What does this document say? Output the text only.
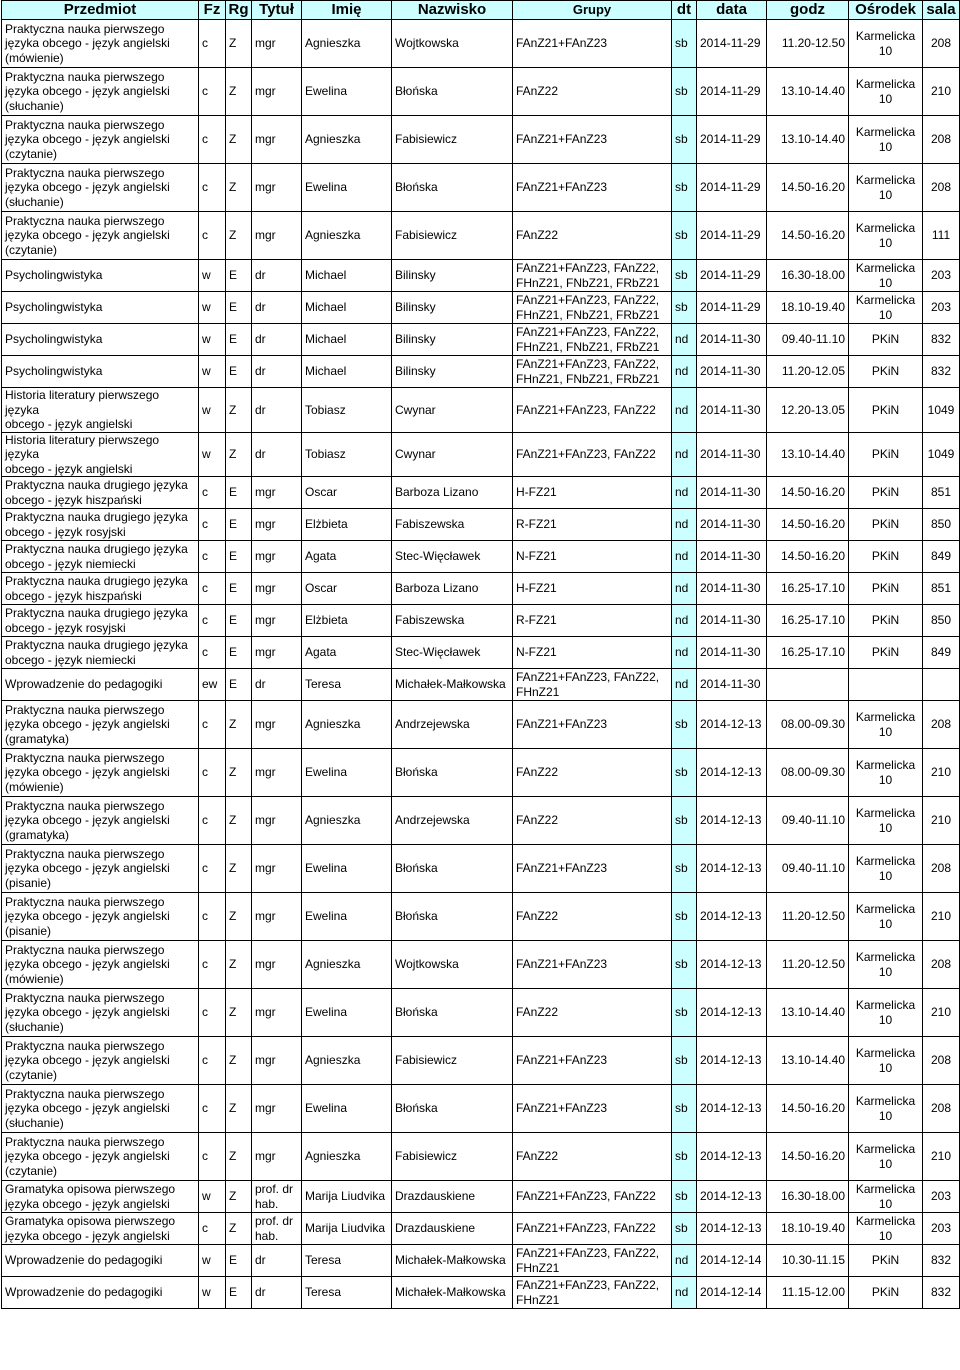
Przedmiot	Fz	Rg	Tytuł	Imię	Nazwisko	Grupy	dt	data	godz	Ośrodek	sala
Praktyczna nauka pierwszego
języka obcego - język angielski
(mówienie)	c	Z	mgr	Agnieszka	Wojtkowska	FAnZ21+FAnZ23	sb	2014-11-29	11.20-12.50	Karmelicka
10	208
Praktyczna nauka pierwszego
języka obcego - język angielski
(słuchanie)	c	Z	mgr	Ewelina	Błońska	FAnZ22	sb	2014-11-29	13.10-14.40	Karmelicka
10	210
Praktyczna nauka pierwszego
języka obcego - język angielski
(czytanie)	c	Z	mgr	Agnieszka	Fabisiewicz	FAnZ21+FAnZ23	sb	2014-11-29	13.10-14.40	Karmelicka
10	208
Praktyczna nauka pierwszego
języka obcego - język angielski
(słuchanie)	c	Z	mgr	Ewelina	Błońska	FAnZ21+FAnZ23	sb	2014-11-29	14.50-16.20	Karmelicka
10	208
Praktyczna nauka pierwszego
języka obcego - język angielski
(czytanie)	c	Z	mgr	Agnieszka	Fabisiewicz	FAnZ22	sb	2014-11-29	14.50-16.20	Karmelicka
10	111
Psycholingwistyka	w	E	dr	Michael	Bilinsky	FAnZ21+FAnZ23, FAnZ22,
FHnZ21, FNbZ21, FRbZ21	sb	2014-11-29	16.30-18.00	Karmelicka
10	203
Psycholingwistyka	w	E	dr	Michael	Bilinsky	FAnZ21+FAnZ23, FAnZ22,
FHnZ21, FNbZ21, FRbZ21	sb	2014-11-29	18.10-19.40	Karmelicka
10	203
Psycholingwistyka	w	E	dr	Michael	Bilinsky	FAnZ21+FAnZ23, FAnZ22,
FHnZ21, FNbZ21, FRbZ21	nd	2014-11-30	09.40-11.10	PKiN	832
Psycholingwistyka	w	E	dr	Michael	Bilinsky	FAnZ21+FAnZ23, FAnZ22,
FHnZ21, FNbZ21, FRbZ21	nd	2014-11-30	11.20-12.05	PKiN	832
Historia literatury pierwszego języka
obcego - język angielski	w	Z	dr	Tobiasz	Cwynar	FAnZ21+FAnZ23, FAnZ22	nd	2014-11-30	12.20-13.05	PKiN	1049
Historia literatury pierwszego języka
obcego - język angielski	w	Z	dr	Tobiasz	Cwynar	FAnZ21+FAnZ23, FAnZ22	nd	2014-11-30	13.10-14.40	PKiN	1049
Praktyczna nauka drugiego języka
obcego - język hiszpański	c	E	mgr	Oscar	Barboza Lizano	H-FZ21	nd	2014-11-30	14.50-16.20	PKiN	851
Praktyczna nauka drugiego języka
obcego - język rosyjski	c	E	mgr	Elżbieta	Fabiszewska	R-FZ21	nd	2014-11-30	14.50-16.20	PKiN	850
Praktyczna nauka drugiego języka
obcego - język niemiecki	c	E	mgr	Agata	Stec-Więcławek	N-FZ21	nd	2014-11-30	14.50-16.20	PKiN	849
Praktyczna nauka drugiego języka
obcego - język hiszpański	c	E	mgr	Oscar	Barboza Lizano	H-FZ21	nd	2014-11-30	16.25-17.10	PKiN	851
Praktyczna nauka drugiego języka
obcego - język rosyjski	c	E	mgr	Elżbieta	Fabiszewska	R-FZ21	nd	2014-11-30	16.25-17.10	PKiN	850
Praktyczna nauka drugiego języka
obcego - język niemiecki	c	E	mgr	Agata	Stec-Więcławek	N-FZ21	nd	2014-11-30	16.25-17.10	PKiN	849
Wprowadzenie do pedagogiki	ew	E	dr	Teresa	Michałek-Małkowska	FAnZ21+FAnZ23, FAnZ22,
FHnZ21	nd	2014-11-30			
Praktyczna nauka pierwszego
języka obcego - język angielski
(gramatyka)	c	Z	mgr	Agnieszka	Andrzejewska	FAnZ21+FAnZ23	sb	2014-12-13	08.00-09.30	Karmelicka
10	208
Praktyczna nauka pierwszego
języka obcego - język angielski
(mówienie)	c	Z	mgr	Ewelina	Błońska	FAnZ22	sb	2014-12-13	08.00-09.30	Karmelicka
10	210
Praktyczna nauka pierwszego
języka obcego - język angielski
(gramatyka)	c	Z	mgr	Agnieszka	Andrzejewska	FAnZ22	sb	2014-12-13	09.40-11.10	Karmelicka
10	210
Praktyczna nauka pierwszego
języka obcego - język angielski
(pisanie)	c	Z	mgr	Ewelina	Błońska	FAnZ21+FAnZ23	sb	2014-12-13	09.40-11.10	Karmelicka
10	208
Praktyczna nauka pierwszego
języka obcego - język angielski
(pisanie)	c	Z	mgr	Ewelina	Błońska	FAnZ22	sb	2014-12-13	11.20-12.50	Karmelicka
10	210
Praktyczna nauka pierwszego
języka obcego - język angielski
(mówienie)	c	Z	mgr	Agnieszka	Wojtkowska	FAnZ21+FAnZ23	sb	2014-12-13	11.20-12.50	Karmelicka
10	208
Praktyczna nauka pierwszego
języka obcego - język angielski
(słuchanie)	c	Z	mgr	Ewelina	Błońska	FAnZ22	sb	2014-12-13	13.10-14.40	Karmelicka
10	210
Praktyczna nauka pierwszego
języka obcego - język angielski
(czytanie)	c	Z	mgr	Agnieszka	Fabisiewicz	FAnZ21+FAnZ23	sb	2014-12-13	13.10-14.40	Karmelicka
10	208
Praktyczna nauka pierwszego
języka obcego - język angielski
(słuchanie)	c	Z	mgr	Ewelina	Błońska	FAnZ21+FAnZ23	sb	2014-12-13	14.50-16.20	Karmelicka
10	208
Praktyczna nauka pierwszego
języka obcego - język angielski
(czytanie)	c	Z	mgr	Agnieszka	Fabisiewicz	FAnZ22	sb	2014-12-13	14.50-16.20	Karmelicka
10	210
Gramatyka opisowa pierwszego
języka obcego - język angielski	w	Z	prof. dr
hab.	Marija Liudvika	Drazdauskiene	FAnZ21+FAnZ23, FAnZ22	sb	2014-12-13	16.30-18.00	Karmelicka
10	203
Gramatyka opisowa pierwszego
języka obcego - język angielski	c	Z	prof. dr
hab.	Marija Liudvika	Drazdauskiene	FAnZ21+FAnZ23, FAnZ22	sb	2014-12-13	18.10-19.40	Karmelicka
10	203
Wprowadzenie do pedagogiki	w	E	dr	Teresa	Michałek-Małkowska	FAnZ21+FAnZ23, FAnZ22,
FHnZ21	nd	2014-12-14	10.30-11.15	PKiN	832
Wprowadzenie do pedagogiki	w	E	dr	Teresa	Michałek-Małkowska	FAnZ21+FAnZ23, FAnZ22,
FHnZ21	nd	2014-12-14	11.15-12.00	PKiN	832
